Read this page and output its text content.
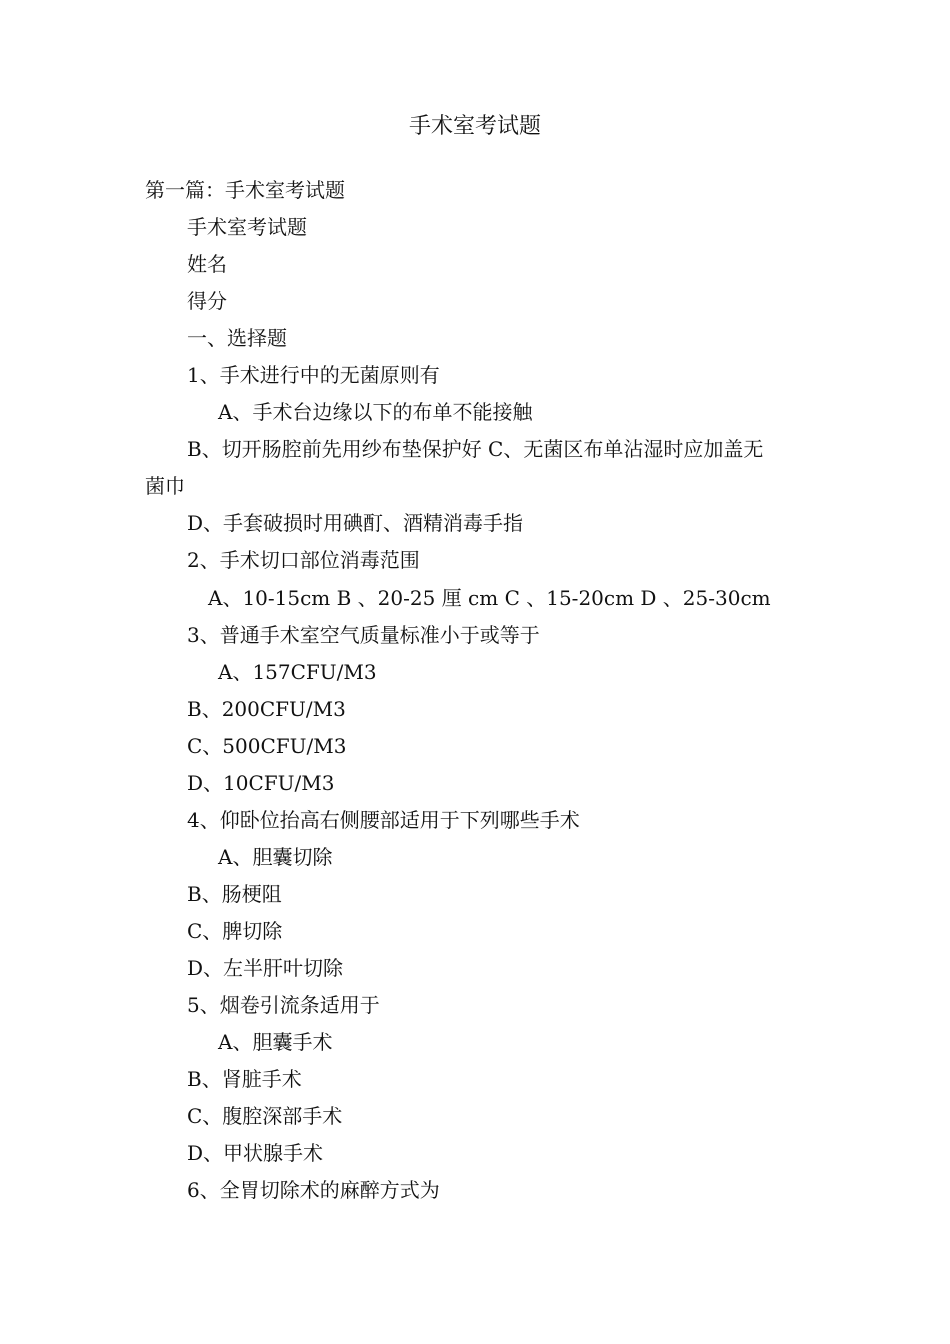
手术室考试题
第一篇：手术室考试题
手术室考试题
姓名
得分
一、选择题
1、手术进行中的无菌原则有
A、手术台边缘以下的布单不能接触
B、切开肠腔前先用纱布垫保护好 C、无菌区布单沾湿时应加盖无
菌巾
D、手套破损时用碘酊、酒精消毒手指
2、手术切口部位消毒范围
A、10-15cm B 、20-25 厘 cm C 、15-20cm D 、25-30cm
3、普通手术室空气质量标准小于或等于
A、157CFU/M3
B、200CFU/M3
C、500CFU/M3
D、10CFU/M3
4、仰卧位抬高右侧腰部适用于下列哪些手术
A、胆囊切除
B、肠梗阻
C、脾切除
D、左半肝叶切除
5、烟卷引流条适用于
A、胆囊手术
B、肾脏手术
C、腹腔深部手术
D、甲状腺手术
6、全胃切除术的麻醉方式为
